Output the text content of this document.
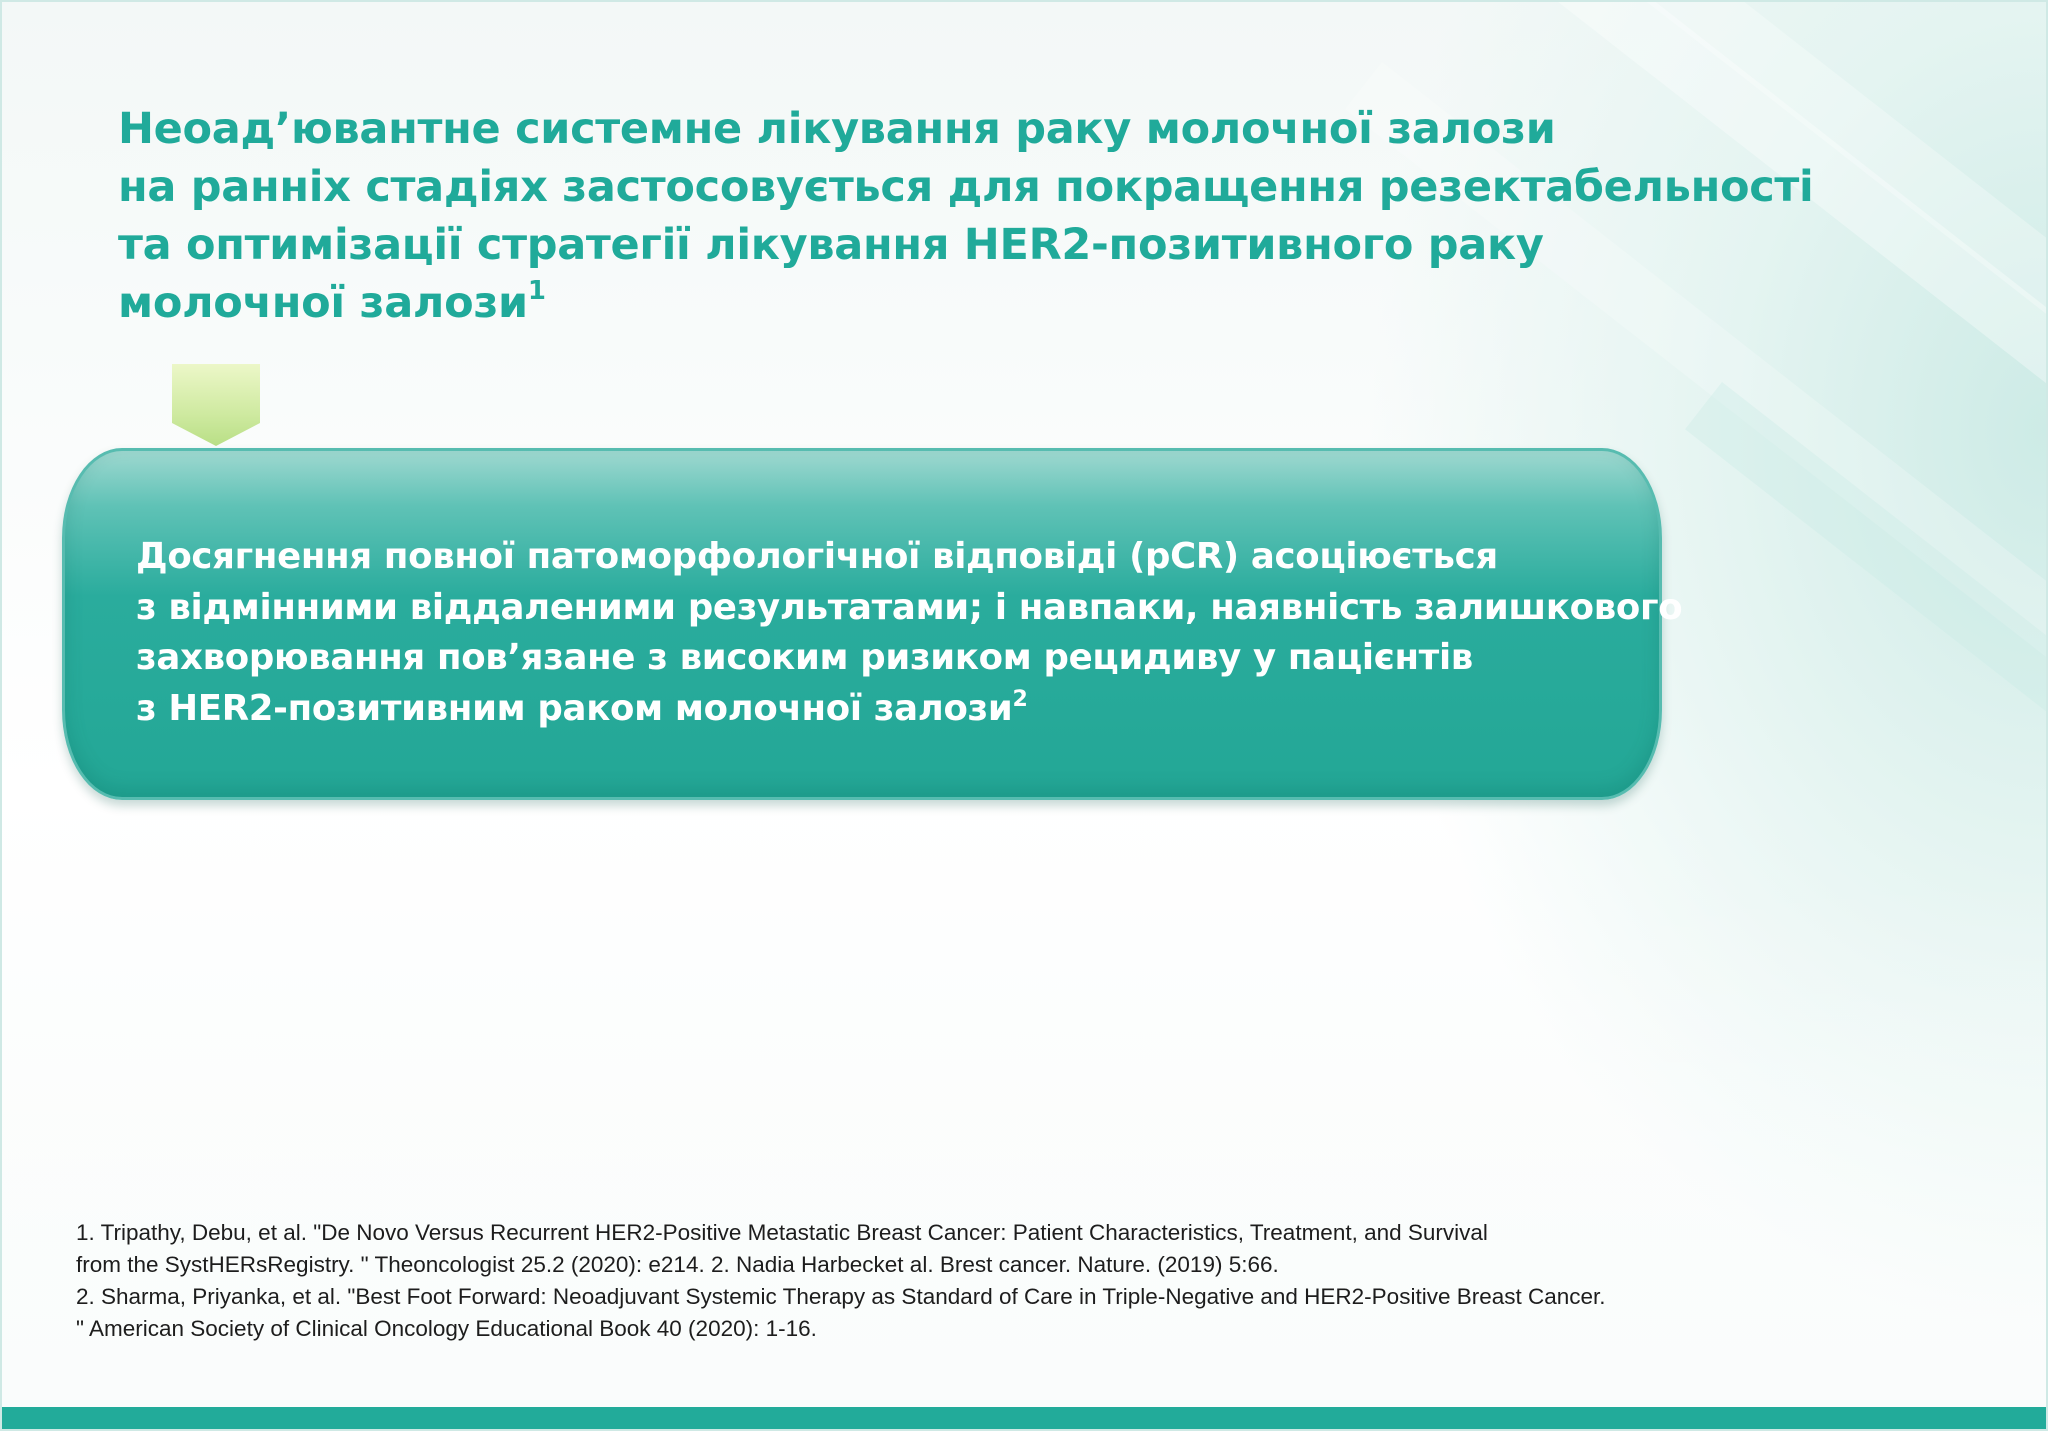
Неоад’ювантне системне лікування раку молочної залози
на ранніх стадіях застосовується для покращення резектабельності
та оптимізації стратегії лікування HER2-позитивного раку
молочної залози$^1$

Досягнення повної патоморфологічної відповіді (pCR) асоціюється
з відмінними віддаленими результатами; і навпаки, наявність залишкового
захворювання пов’язане з високим ризиком рецидиву у пацієнтів
з HER2-позитивним раком молочної залози$^2$

1. Tripathy, Debu, et al. "De Novo Versus Recurrent HER2-Positive Metastatic Breast Cancer: Patient Characteristics, Treatment, and Survival
from the SystHERsRegistry. " Theoncologist 25.2 (2020): e214. 2. Nadia Harbecket al. Brest cancer. Nature. (2019) 5:66.
2. Sharma, Priyanka, et al. "Best Foot Forward: Neoadjuvant Systemic Therapy as Standard of Care in Triple-Negative and HER2-Positive Breast Cancer.
" American Society of Clinical Oncology Educational Book 40 (2020): 1-16.
